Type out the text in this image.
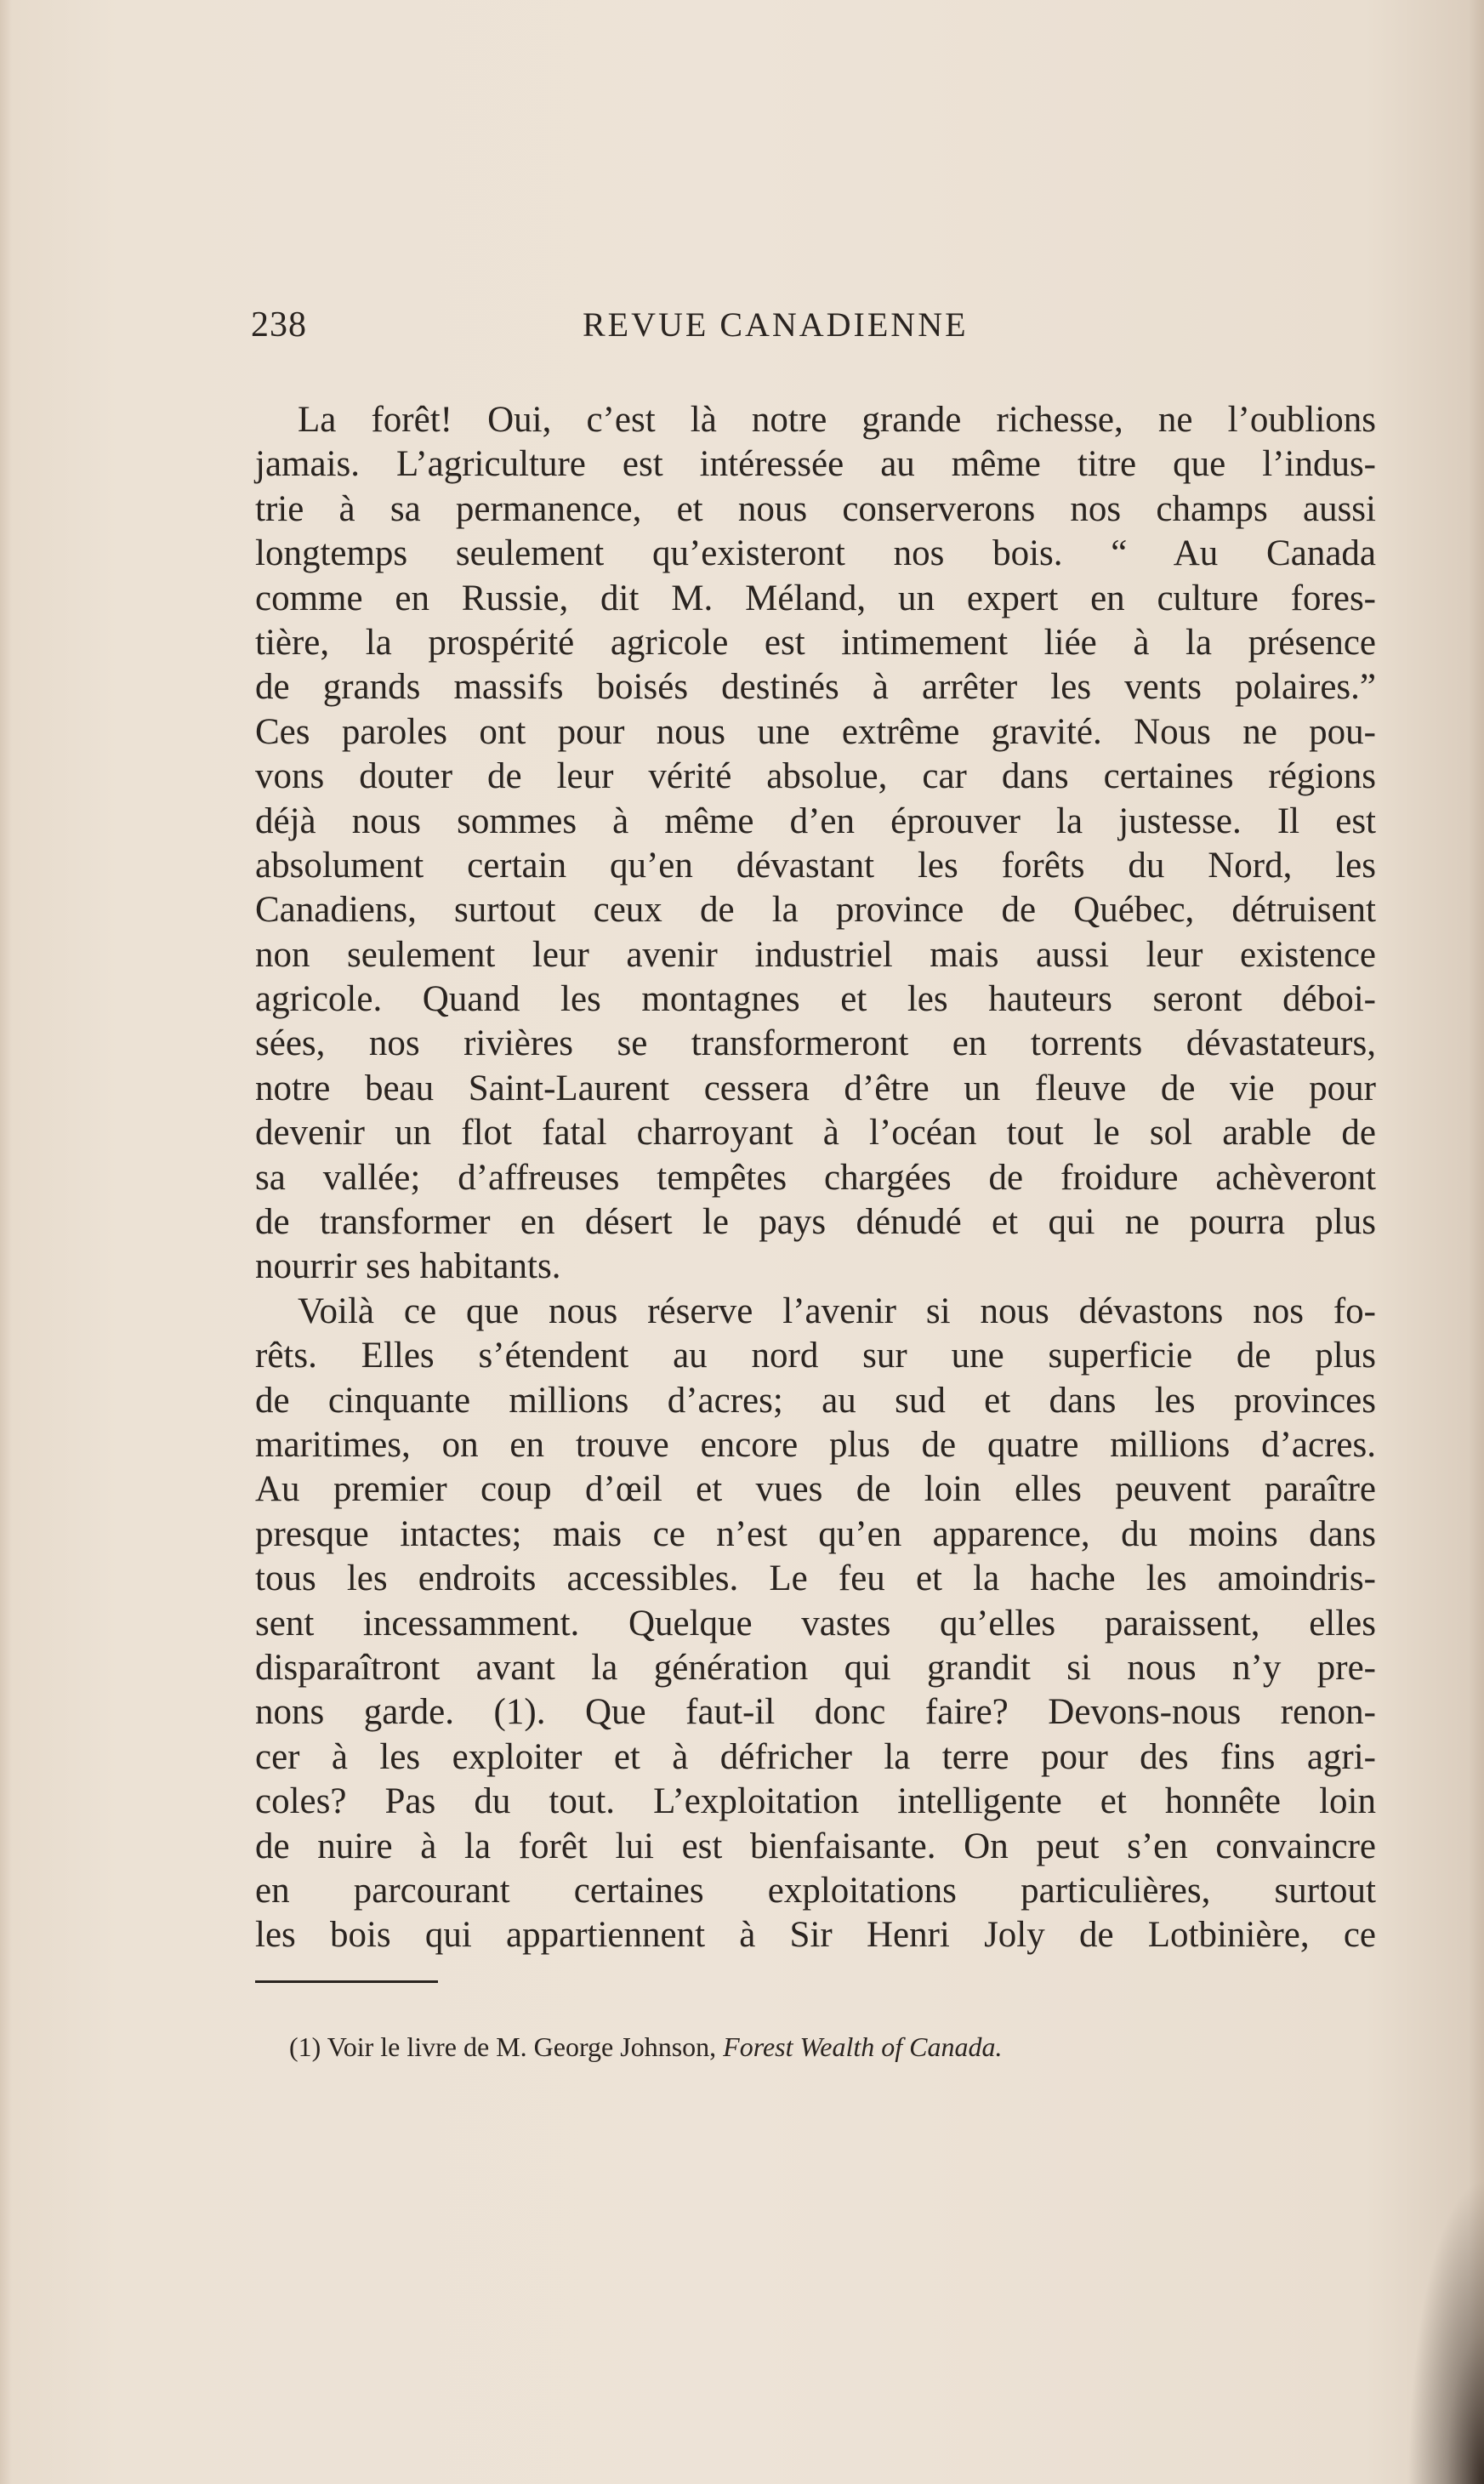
238	REVUE CANADIENNE
La forêt! Oui, c’est là notre grande richesse, ne l’oublions
jamais. L’agriculture est intéressée au même titre que l’indus-
trie à sa permanence, et nous conserverons nos champs aussi
longtemps seulement qu’existeront nos bois. “ Au Canada
comme en Russie, dit M. Méland, un expert en culture fores-
tière, la prospérité agricole est intimement liée à la présence
de grands massifs boisés destinés à arrêter les vents polaires.”
Ces paroles ont pour nous une extrême gravité. Nous ne pou-
vons douter de leur vérité absolue, car dans certaines régions
déjà nous sommes à même d’en éprouver la justesse. Il est
absolument certain qu’en dévastant les forêts du Nord, les
Canadiens, surtout ceux de la province de Québec, détruisent
non seulement leur avenir industriel mais aussi leur existence
agricole. Quand les montagnes et les hauteurs seront déboi-
sées, nos rivières se transformeront en torrents dévastateurs,
notre beau Saint-Laurent cessera d’être un fleuve de vie pour
devenir un flot fatal charroyant à l’océan tout le sol arable de
sa vallée; d’affreuses tempêtes chargées de froidure achèveront
de transformer en désert le pays dénudé et qui ne pourra plus
nourrir ses habitants.
Voilà ce que nous réserve l’avenir si nous dévastons nos fo-
rêts. Elles s’étendent au nord sur une superficie de plus
de cinquante millions d’acres; au sud et dans les provinces
maritimes, on en trouve encore plus de quatre millions d’acres.
Au premier coup d’œil et vues de loin elles peuvent paraître
presque intactes; mais ce n’est qu’en apparence, du moins dans
tous les endroits accessibles. Le feu et la hache les amoindris-
sent incessamment. Quelque vastes qu’elles paraissent, elles
disparaîtront avant la génération qui grandit si nous n’y pre-
nons garde. (1). Que faut-il donc faire? Devons-nous renon-
cer à les exploiter et à défricher la terre pour des fins agri-
coles? Pas du tout. L’exploitation intelligente et honnête loin
de nuire à la forêt lui est bienfaisante. On peut s’en convaincre
en parcourant certaines exploitations particulières, surtout
les bois qui appartiennent à Sir Henri Joly de Lotbinière, ce
(1) Voir le livre de M. George Johnson, Forest Wealth of Canada.
